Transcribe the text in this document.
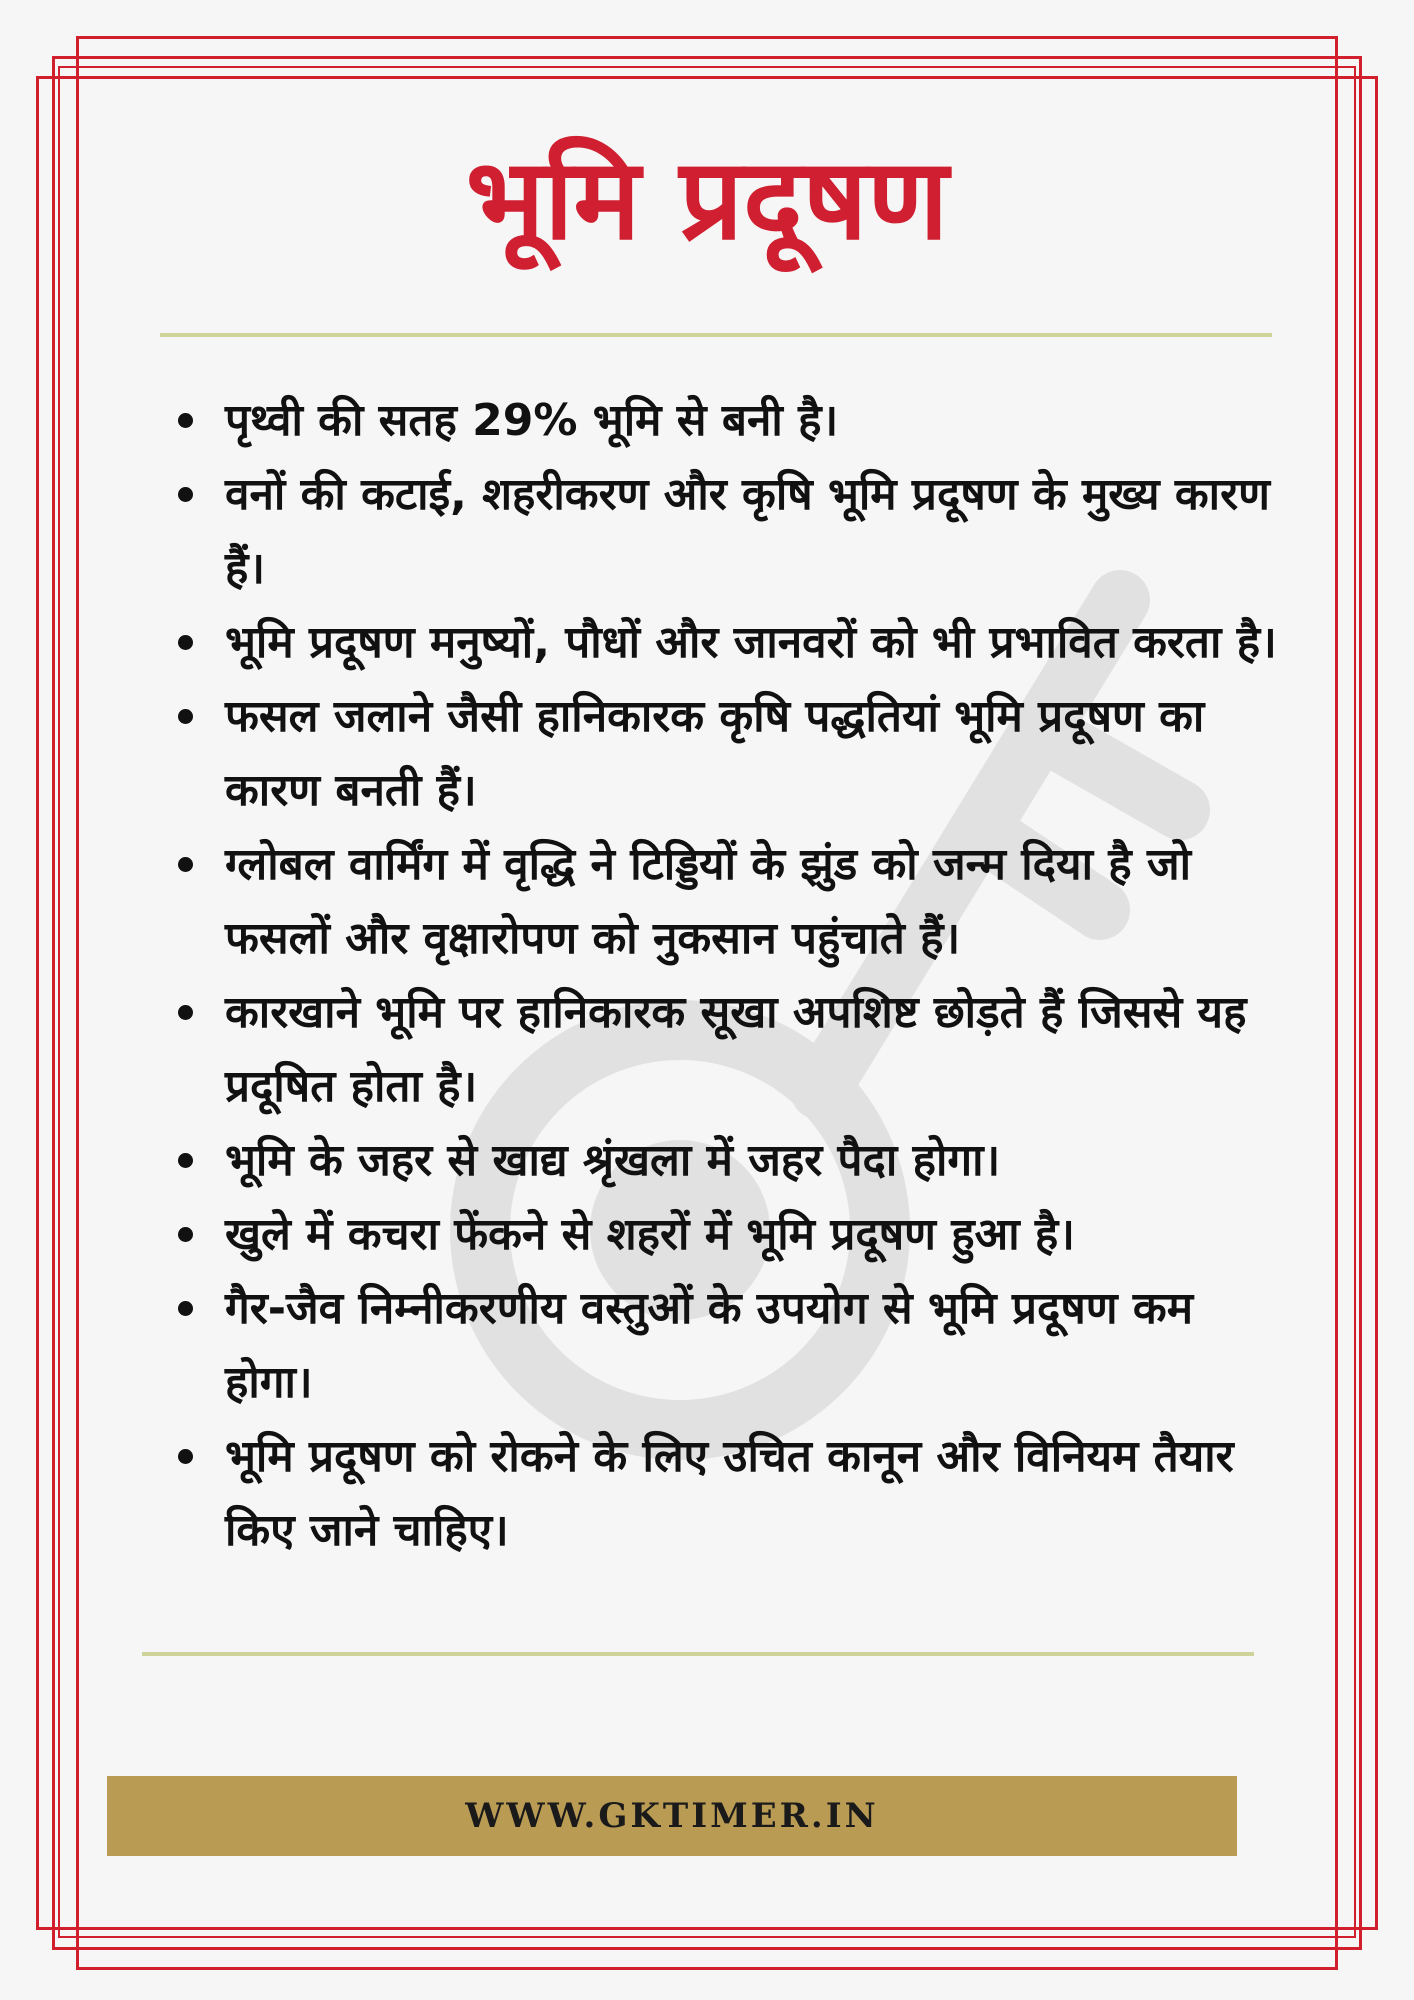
भूमि प्रदूषण
पृथ्वी की सतह 29% भूमि से बनी है।
वनों की कटाई, शहरीकरण और कृषि भूमि प्रदूषण के मुख्य कारण हैं।
भूमि प्रदूषण मनुष्यों, पौधों और जानवरों को भी प्रभावित करता है।
फसल जलाने जैसी हानिकारक कृषि पद्धतियां भूमि प्रदूषण का कारण बनती हैं।
ग्लोबल वार्मिंग में वृद्धि ने टिड्डियों के झुंड को जन्म दिया है जो फसलों और वृक्षारोपण को नुकसान पहुंचाते हैं।
कारखाने भूमि पर हानिकारक सूखा अपशिष्ट छोड़ते हैं जिससे यह प्रदूषित होता है।
भूमि के जहर से खाद्य श्रृंखला में जहर पैदा होगा।
खुले में कचरा फेंकने से शहरों में भूमि प्रदूषण हुआ है।
गैर-जैव निम्नीकरणीय वस्तुओं के उपयोग से भूमि प्रदूषण कम होगा।
भूमि प्रदूषण को रोकने के लिए उचित कानून और विनियम तैयार किए जाने चाहिए।
WWW.GKTIMER.IN
